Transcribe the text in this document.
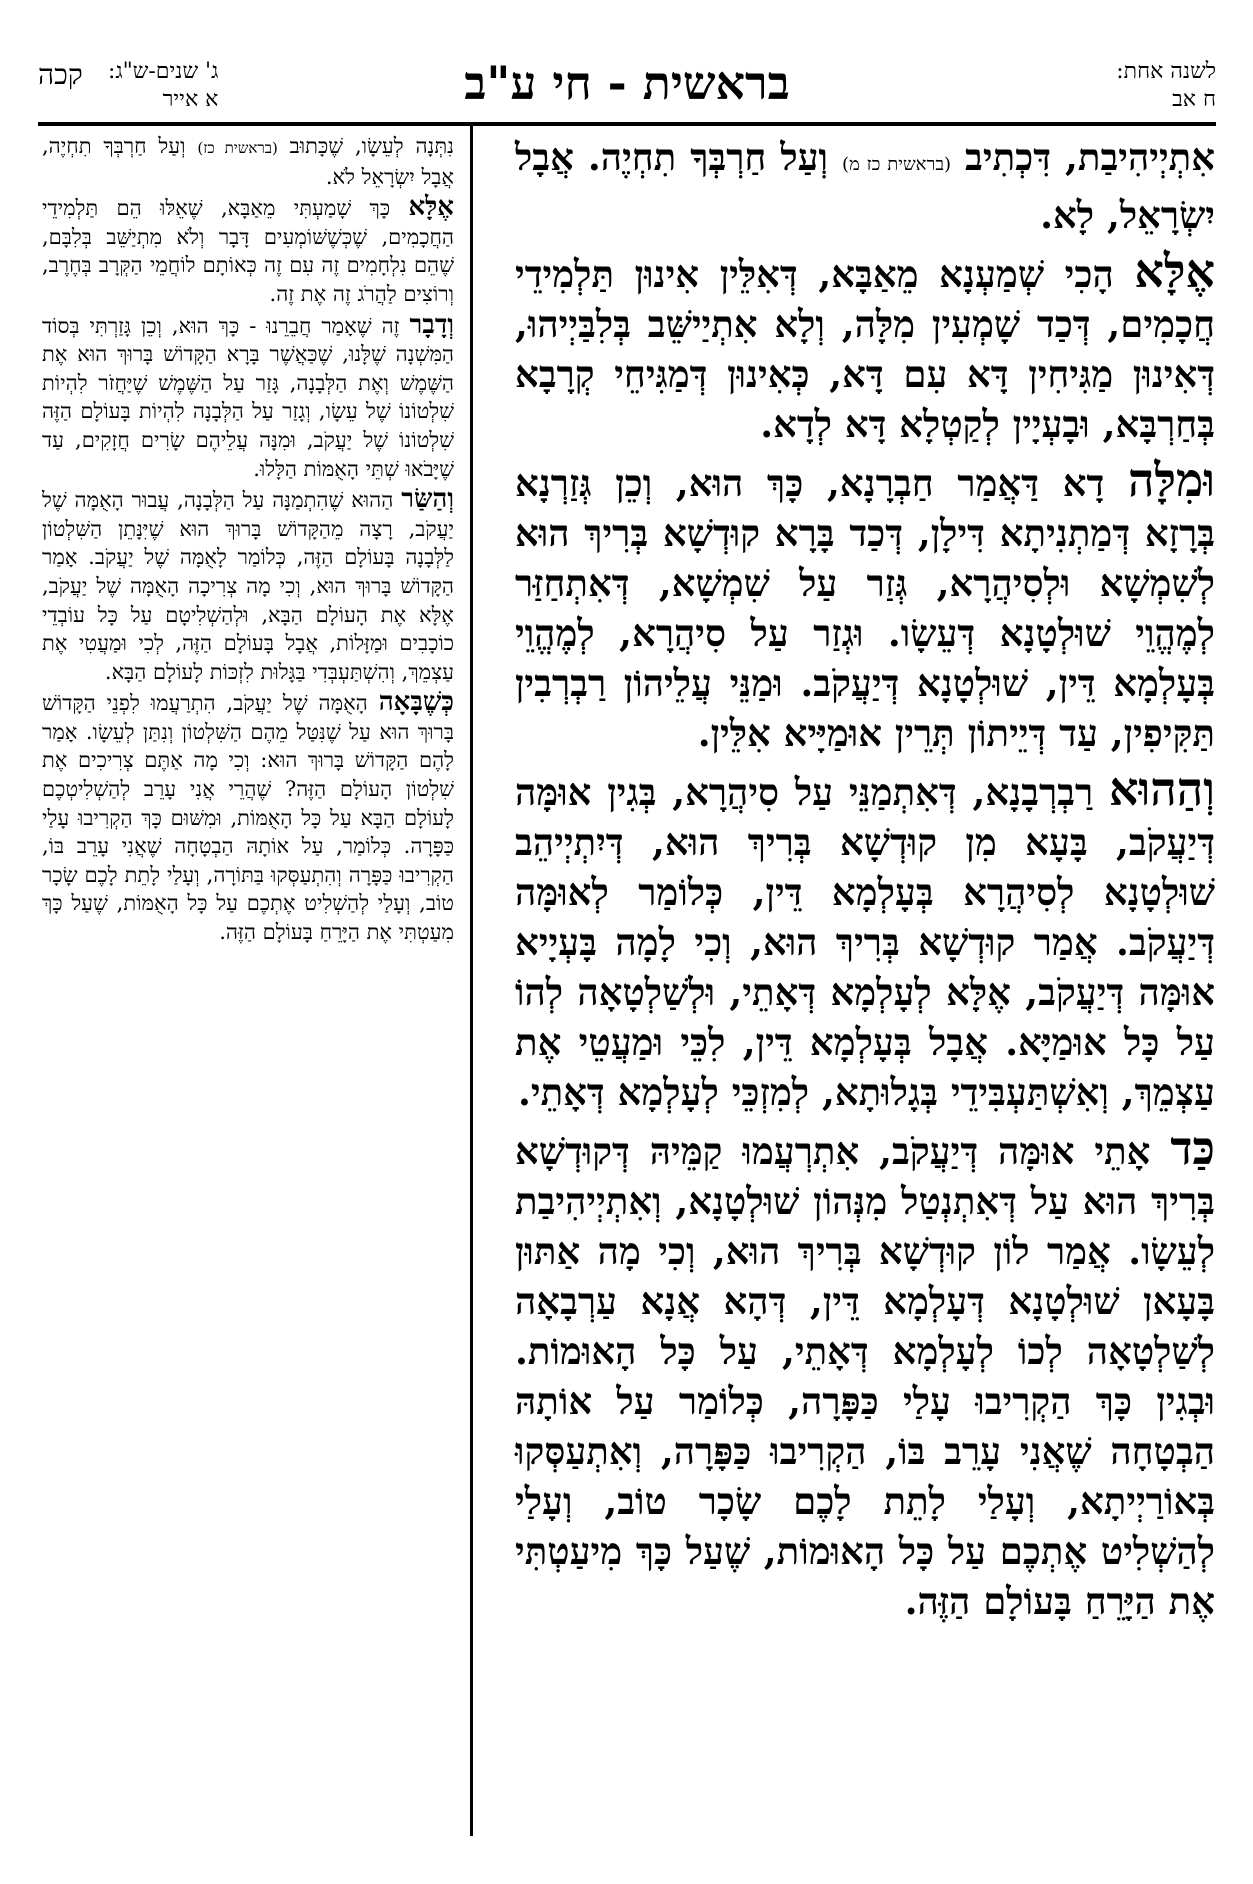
לשנה אחת:
ח אב
בראשית - חי ע"ב
ג' שנים-ש"ג:
א אייר
קכה

אִתְיְיהִיבַת, דִּכְתִיב (בראשית כז מ) וְעַל חַרְבְּךָ תִחְיֶה. אֲבָל יִשְׂרָאֵל, לָא.

אֶלָּא הָכִי שְׁמַעְנָא מֵאַבָּא, דְּאִלֵּין אִינוּן תַּלְמִידֵי חֲכָמִים, דְּכַד שָׁמְעִין מִלָּה, וְלָא אִתְיַישֵּׁב בְּלִבַּיְיהוּ, דְּאִינוּן מַגִּיחִין דָּא עִם דָּא, כְּאִינוּן דְּמַגִּיחֵי קְרָבָא בְּחַרְבָּא, וּבָעְיָין לְקַטְלָא דָּא לְדָא.

וּמִלָּה דָא דַּאֲמַר חַבְרָנָא, כָּךְ הוּא, וְכֵן גְּזַרְנָא בְּרָזָא דְּמַתְנִיתָא דִּילָן, דְּכַד בָּרָא קוּדְשָׁא בְּרִיךְ הוּא לְשִׁמְשָׁא וּלְסִיהֲרָא, גְּזַר עַל שִׁמְשָׁא, דְּאִתְחַזַּר לְמֶהֱוֵי שׁוּלְטָנָא דְּעֵשָׂו. וּגְזַר עַל סִיהֲרָא, לְמֶהֱוֵי בְּעָלְמָא דֵּין, שׁוּלְטָנָא דְּיַעֲקֹב. וּמַנֵּי עֲלֵיהוֹן רַבְרְבִין תַּקִּיפִין, עַד דְּיֵיתוֹן תְּרֵין אוּמַיָּיא אִלֵּין.

וְהַהוּא רַבְרְבָנָא, דְּאִתְמַנֵּי עַל סִיהֲרָא, בְּגִין אוּמָּה דְּיַעֲקֹב, בָּעָא מִן קוּדְשָׁא בְּרִיךְ הוּא, דְּיִתְיְיהֵב שׁוּלְטָנָא לְסִיהֲרָא בְּעָלְמָא דֵּין, כְּלוֹמַר לְאוּמָּה דְּיַעֲקֹב. אֲמַר קוּדְשָׁא בְּרִיךְ הוּא, וְכִי לָמָה בָּעְיָיא אוּמָּה דְּיַעֲקֹב, אֶלָּא לְעָלְמָא דְּאָתֵי, וּלְשַׁלְטָאָה לְהוֹ עַל כָּל אוּמַיָּא. אֲבָל בְּעָלְמָא דֵּין, לִכֵּי וּמַעֲטֵי אֶת עַצְמֵךְ, וְאִשְׁתַּעְבִּידֵי בְּגָלוּתָא, לְמִזְכֵּי לְעָלְמָא דְּאָתֵי.

כַּד אָתֵי אוּמָּה דְּיַעֲקֹב, אִתְרְעֲמוּ קַמֵּיהּ דְּקוּדְשָׁא בְּרִיךְ הוּא עַל דְּאִתְנְטַל מִנְּהוֹן שׁוּלְטָנָא, וְאִתְיְיהִיבַת לְעֵשָׂו. אֲמַר לוֹן קוּדְשָׁא בְּרִיךְ הוּא, וְכִי מָה אַתּוּן בָּעָאן שׁוּלְטָנָא דְּעָלְמָא דֵּין, דְּהָא אֲנָא עַרְבָאָה לְשַׁלְטָאָה לְכוֹ לְעָלְמָא דְּאָתֵי, עַל כָּל הָאוּמוֹת. וּבְגִין כָּךְ הַקְרִיבוּ עָלַי כַּפָּרָה, כְּלוֹמַר עַל אוֹתָהּ הַבְטָחָה שֶׁאֲנִי עָרֵב בּוֹ, הַקְרִיבוּ כַּפָּרָה, וְאִתְעַסְּקוּ בְּאוֹרַיְיתָא, וְעָלַי לָתֵת לָכֶם שָׂכָר טוֹב, וְעָלַי לְהַשְׁלִיט אֶתְכֶם עַל כָּל הָאוּמוֹת, שֶׁעַל כָּךְ מִיעַטְתִּי אֶת הַיָּרֵחַ בָּעוֹלָם הַזֶּה.

נִתְּנָה לְעֵשָׂו, שֶׁכָּתוּב (בראשית כז) וְעַל חַרְבְּךָ תִחְיֶה, אֲבָל יִשְׂרָאֵל לֹא.

אֶלָּא כָּךְ שָׁמַעְתִּי מֵאַבָּא, שֶׁאֵלּוּ הֵם תַּלְמִידֵי הַחֲכָמִים, שֶׁכְּשֶׁשּׁוֹמְעִים דָּבָר וְלֹא מִתְיַשֵּׁב בְּלִבָּם, שֶׁהֵם נִלְחָמִים זֶה עִם זֶה כְּאוֹתָם לוֹחֲמֵי הַקְּרָב בְּחֶרֶב, וְרוֹצִים לַהֲרֹג זֶה אֶת זֶה.

וְדָבָר זֶה שֶׁאָמַר חֲבֵרֵנוּ - כָּךְ הוּא, וְכֵן גָּזַרְתִּי בְּסוֹד הַמִּשְׁנָה שֶׁלָּנוּ, שֶׁכַּאֲשֶׁר בָּרָא הַקָּדוֹשׁ בָּרוּךְ הוּא אֶת הַשֶּׁמֶשׁ וְאֶת הַלְּבָנָה, גָּזַר עַל הַשֶּׁמֶשׁ שֶׁיַּחֲזֹר לִהְיוֹת שִׁלְטוֹנוֹ שֶׁל עֵשָׂו, וְגָזַר עַל הַלְּבָנָה לִהְיוֹת בָּעוֹלָם הַזֶּה שִׁלְטוֹנוֹ שֶׁל יַעֲקֹב, וּמִנָּה עֲלֵיהֶם שָׂרִים חֲזָקִים, עַד שֶׁיָּבֹאוּ שְׁתֵּי הָאֻמּוֹת הַלָּלוּ.

וְהַשַּׂר הַהוּא שֶׁהִתְמַנָּה עַל הַלְּבָנָה, עֲבוּר הָאֻמָּה שֶׁל יַעֲקֹב, רָצָה מֵהַקָּדוֹשׁ בָּרוּךְ הוּא שֶׁיִּנָּתֵן הַשִּׁלְטוֹן לַלְּבָנָה בָּעוֹלָם הַזֶּה, כְּלוֹמַר לָאֻמָּה שֶׁל יַעֲקֹב. אָמַר הַקָּדוֹשׁ בָּרוּךְ הוּא, וְכִי מָה צְרִיכָה הָאֻמָּה שֶׁל יַעֲקֹב, אֶלָּא אֶת הָעוֹלָם הַבָּא, וּלְהַשְׁלִיטָם עַל כָּל עוֹבְדֵי כוֹכָבִים וּמַזָּלוֹת, אֲבָל בָּעוֹלָם הַזֶּה, לְכִי וּמַעֲטִי אֶת עַצְמֵךְ, וְהִשְׁתַּעְבְּדִי בַּגָּלוּת לִזְכּוֹת לָעוֹלָם הַבָּא.

כְּשֶׁבָּאָה הָאֻמָּה שֶׁל יַעֲקֹב, הִתְרַעֲמוּ לִפְנֵי הַקָּדוֹשׁ בָּרוּךְ הוּא עַל שֶׁנִּטַּל מֵהֶם הַשִּׁלְטוֹן וְנִתַּן לְעֵשָׂו. אָמַר לָהֶם הַקָּדוֹשׁ בָּרוּךְ הוּא: וְכִי מָה אַתֶּם צְרִיכִים אֶת שִׁלְטוֹן הָעוֹלָם הַזֶּה? שֶׁהֲרֵי אֲנִי עָרֵב לְהַשְׁלִיטְכֶם לָעוֹלָם הַבָּא עַל כָּל הָאֻמּוֹת, וּמִשּׁוּם כָּךְ הַקְרִיבוּ עָלַי כַּפָּרָה. כְּלוֹמַר, עַל אוֹתָהּ הַבְטָחָה שֶׁאֲנִי עָרֵב בּוֹ, הַקְרִיבוּ כַּפָּרָה וְהִתְעַסְּקוּ בַּתּוֹרָה, וְעָלַי לָתֵת לָכֶם שָׂכָר טוֹב, וְעָלַי לְהַשְׁלִיט אֶתְכֶם עַל כָּל הָאֻמּוֹת, שֶׁעַל כָּךְ מִעַטְתִּי אֶת הַיָּרֵחַ בָּעוֹלָם הַזֶּה.
